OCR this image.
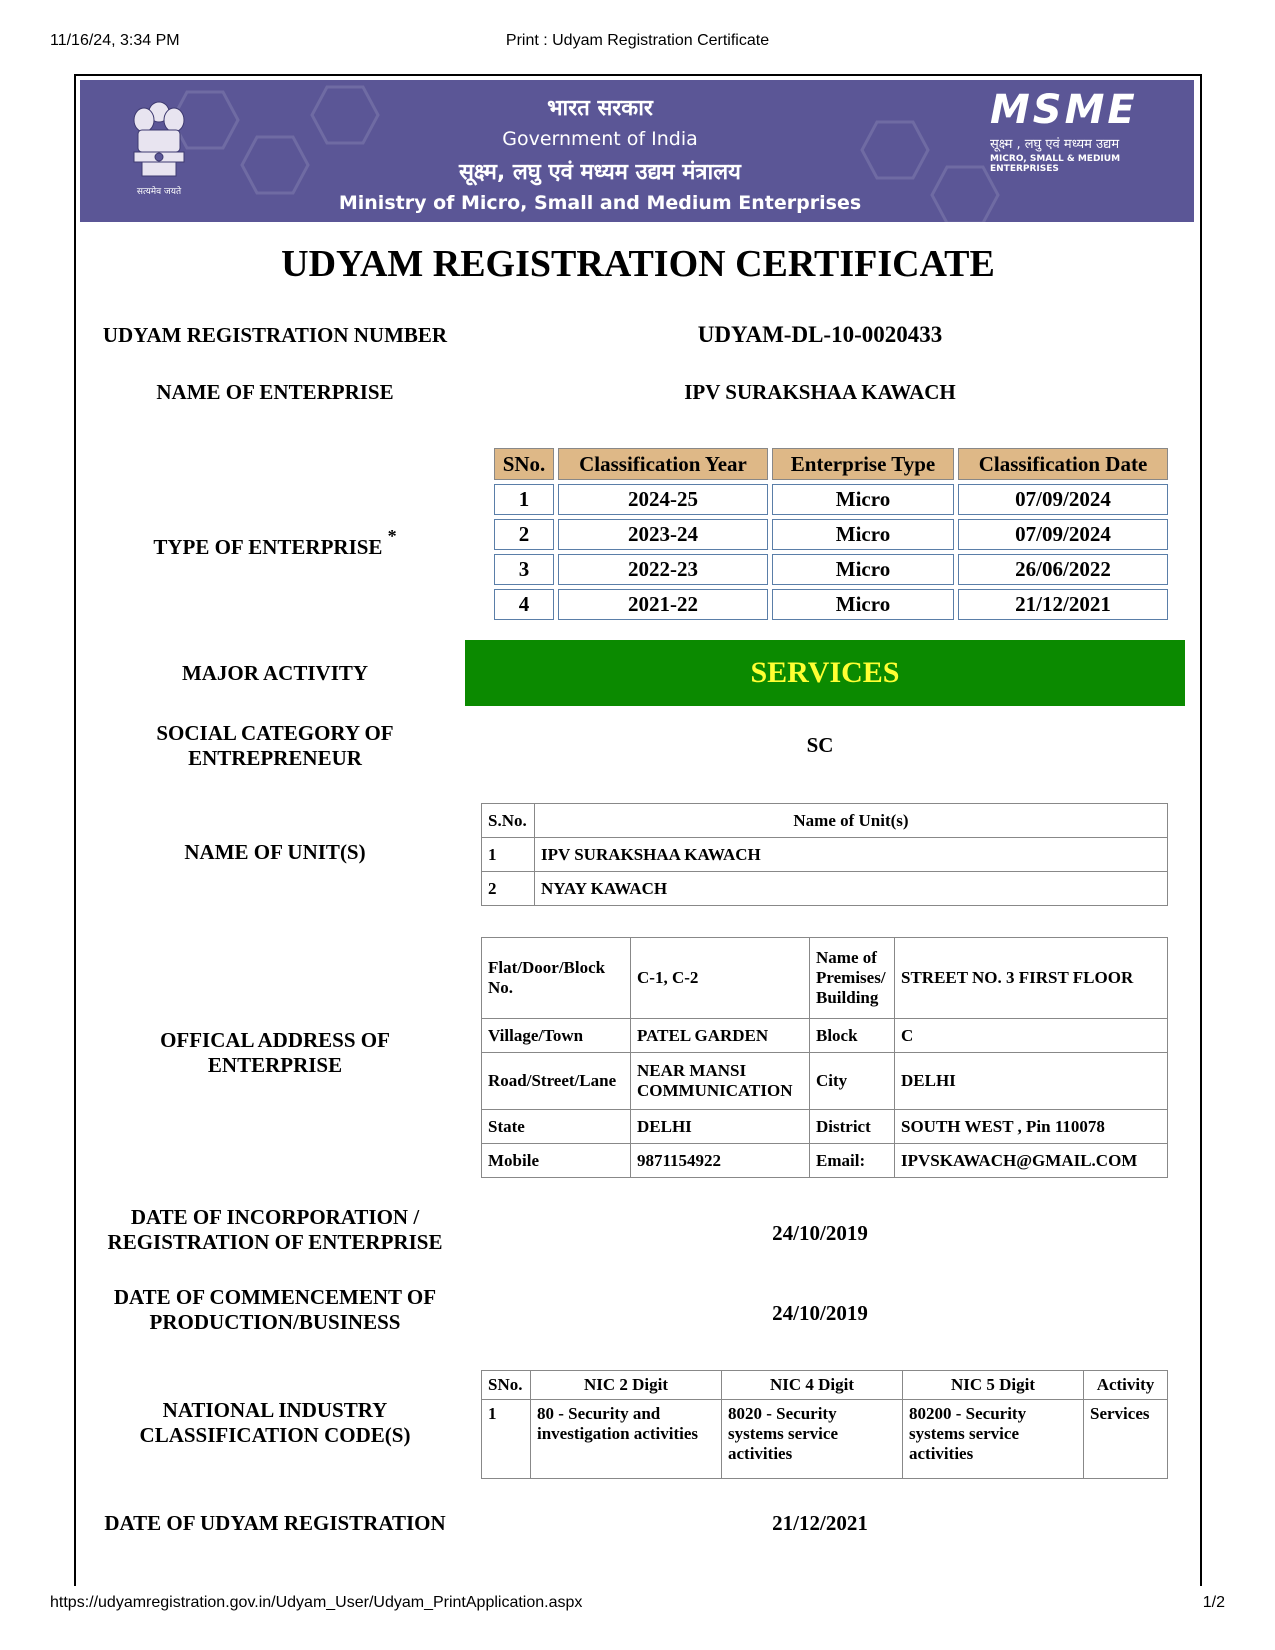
11/16/24, 3:34 PM	Print : Udyam Registration Certificate
सत्यमेव जयते
भारत सरकार
Government of India
सूक्ष्म, लघु एवं मध्यम उद्यम मंत्रालय
Ministry of Micro, Small and Medium Enterprises
MSME
सूक्ष्म , लघु एवं मध्यम उद्यम
MICRO, SMALL & MEDIUM ENTERPRISES
UDYAM REGISTRATION CERTIFICATE
UDYAM REGISTRATION NUMBER	UDYAM-DL-10-0020433
NAME OF ENTERPRISE	IPV SURAKSHAA KAWACH
TYPE OF ENTERPRISE *
SNo.	Classification Year	Enterprise Type	Classification Date
1	2024-25	Micro	07/09/2024
2	2023-24	Micro	07/09/2024
3	2022-23	Micro	26/06/2022
4	2021-22	Micro	21/12/2021
MAJOR ACTIVITY	SERVICES
SOCIAL CATEGORY OF
ENTREPRENEUR
SC
NAME OF UNIT(S)
S.No.	Name of Unit(s)
1	IPV SURAKSHAA KAWACH
2	NYAY KAWACH
OFFICAL ADDRESS OF
ENTERPRISE
Flat/Door/Block No.	C-1, C-2	Name of Premises/ Building	STREET NO. 3 FIRST FLOOR
Village/Town	PATEL GARDEN	Block	C
Road/Street/Lane	NEAR MANSI COMMUNICATION	City	DELHI
State	DELHI	District	SOUTH WEST , Pin 110078
Mobile	9871154922	Email:	IPVSKAWACH@GMAIL.COM
DATE OF INCORPORATION /
REGISTRATION OF ENTERPRISE	24/10/2019
DATE OF COMMENCEMENT OF
PRODUCTION/BUSINESS	24/10/2019
NATIONAL INDUSTRY
CLASSIFICATION CODE(S)
SNo.	NIC 2 Digit	NIC 4 Digit	NIC 5 Digit	Activity
1	80 - Security and investigation activities	8020 - Security systems service activities	80200 - Security systems service activities	Services
DATE OF UDYAM REGISTRATION	21/12/2021
https://udyamregistration.gov.in/Udyam_User/Udyam_PrintApplication.aspx	1/2
